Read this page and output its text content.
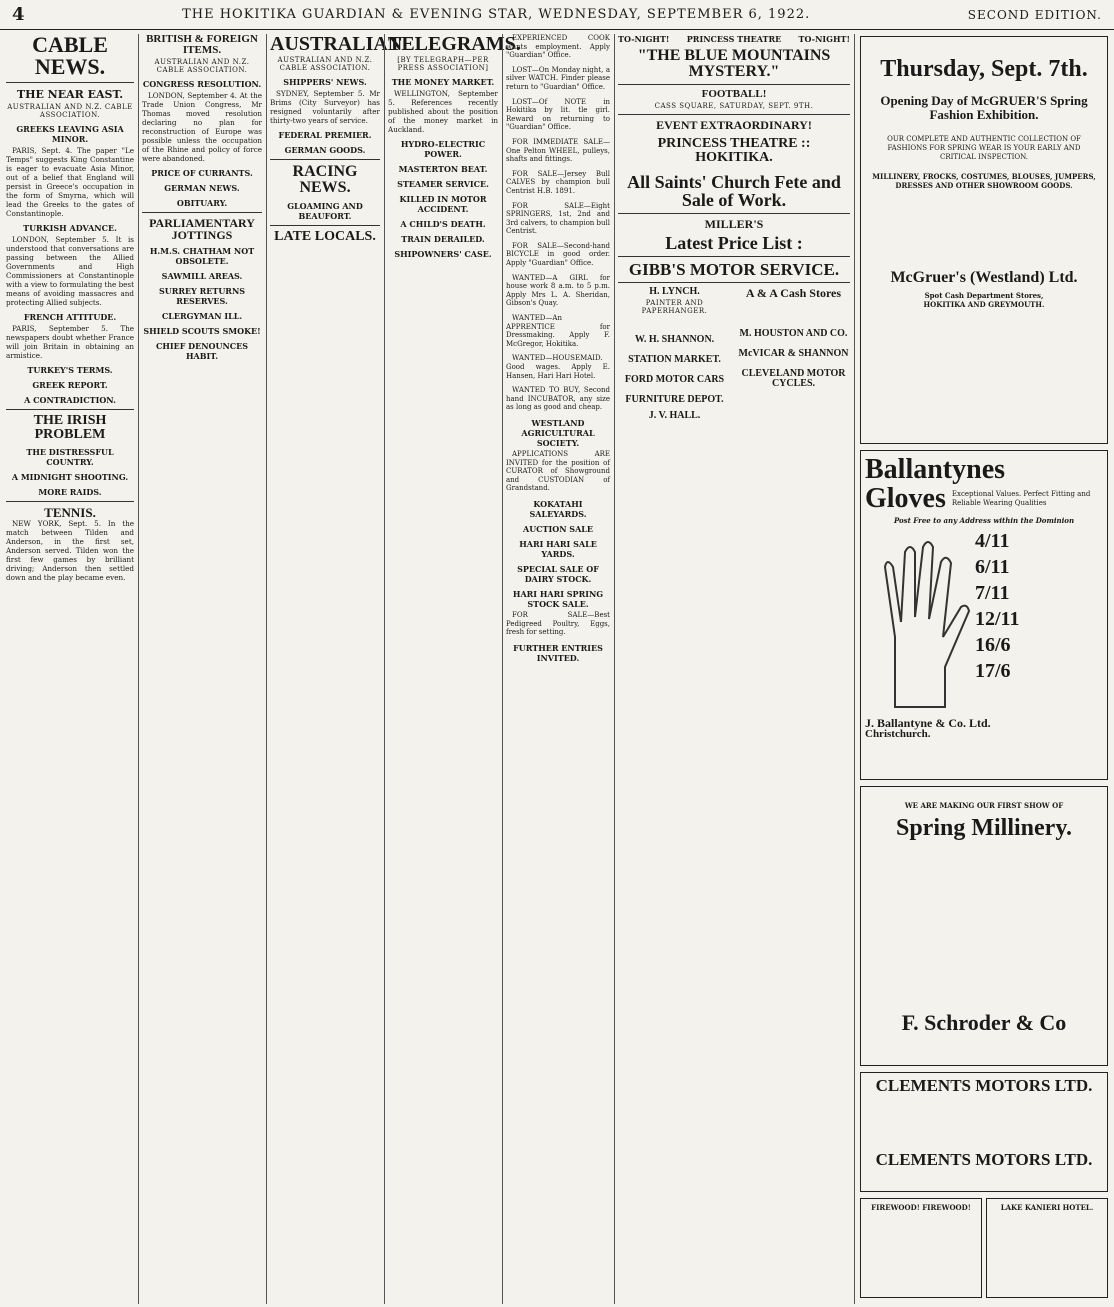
4	THE HOKITIKA GUARDIAN & EVENING STAR, WEDNESDAY, SEPTEMBER 6, 1922.	SECOND EDITION.
CABLE NEWS.
THE NEAR EAST.
AUSTRALIAN AND N.Z. CABLE ASSOCIATION.
GREEKS LEAVING ASIA MINOR.

PARIS, Sept. 4. The paper "Le Temps" suggests King Constantine is eager to evacuate Asia Minor, out of a belief that England will persist in Greece's occupation in the form of Smyrna, which will lead the Greeks to the gates of Constantinople.

TURKISH ADVANCE.

LONDON, September 5. It is understood that conversations are passing between the Allied Governments and High Commissioners at Constantinople with a view to formulating the best means of avoiding massacres and protecting Allied subjects.

FRENCH ATTITUDE.

PARIS, September 5. The newspapers doubt whether France will join Britain in obtaining an armistice.

TURKEY'S TERMS.
GREEK REPORT.
A CONTRADICTION.
THE IRISH PROBLEM
THE DISTRESSFUL COUNTRY.
A MIDNIGHT SHOOTING.
MORE RAIDS.
TENNIS.

NEW YORK, Sept. 5. In the match between Tilden and Anderson, in the first set, Anderson served. Tilden won the first few games by brilliant driving; Anderson then settled down and the play became even.

BRITISH & FOREIGN ITEMS.
AUSTRALIAN AND N.Z. CABLE ASSOCIATION.
CONGRESS RESOLUTION.

LONDON, September 4. At the Trade Union Congress, Mr Thomas moved resolution declaring no plan for reconstruction of Europe was possible unless the occupation of the Rhine and policy of force were abandoned.

PRICE OF CURRANTS.
GERMAN NEWS.
OBITUARY.
PARLIAMENTARY JOTTINGS
H.M.S. CHATHAM NOT OBSOLETE.
SAWMILL AREAS.
SURREY RETURNS RESERVES.
CLERGYMAN ILL.
SHIELD SCOUTS SMOKE!
CHIEF DENOUNCES HABIT.
AUSTRALIAN
AUSTRALIAN AND N.Z. CABLE ASSOCIATION.
SHIPPERS' NEWS.

SYDNEY, September 5. Mr Brims (City Surveyor) has resigned voluntarily after thirty-two years of service.

FEDERAL PREMIER.
GERMAN GOODS.
RACING NEWS.
GLOAMING AND BEAUFORT.
LATE LOCALS.
TELEGRAMS.
[BY TELEGRAPH—PER PRESS ASSOCIATION]
THE MONEY MARKET.

WELLINGTON, September 5. References recently published about the position of the money market in Auckland.

HYDRO-ELECTRIC POWER.
MASTERTON BEAT.
STEAMER SERVICE.
KILLED IN MOTOR ACCIDENT.
A CHILD'S DEATH.
TRAIN DERAILED.
SHIPOWNERS' CASE.

EXPERIENCED COOK wants employment. Apply "Guardian" Office.

LOST—On Monday night, a silver WATCH. Finder please return to "Guardian" Office.

LOST—Of NOTE in Hokitika by lit. tle girl. Reward on returning to "Guardian" Office.

FOR IMMEDIATE SALE—One Pelton WHEEL, pulleys, shafts and fittings.

FOR SALE—Jersey Bull CALVES by champion bull Centrist H.B. 1891.

FOR SALE—Eight SPRINGERS, 1st, 2nd and 3rd calvers, to champion bull Centrist.

FOR SALE—Second-hand BICYCLE in good order. Apply "Guardian" Office.

WANTED—A GIRL for house work 8 a.m. to 5 p.m. Apply Mrs L. A. Sheridan, Gibson's Quay.

WANTED—An APPRENTICE for Dressmaking. Apply F. McGregor, Hokitika.

WANTED—HOUSEMAID. Good wages. Apply E. Hansen, Hari Hari Hotel.

WANTED TO BUY, Second hand INCUBATOR, any size as long as good and cheap.

WESTLAND AGRICULTURAL SOCIETY.

APPLICATIONS ARE INVITED for the position of CURATOR of Showground and CUSTODIAN of Grandstand.

KOKATAHI SALEYARDS.
AUCTION SALE
HARI HARI SALE YARDS.
SPECIAL SALE OF DAIRY STOCK.
HARI HARI SPRING STOCK SALE.

FOR SALE—Best Pedigreed Poultry, Eggs, fresh for setting.

FURTHER ENTRIES INVITED.
TO-NIGHT! PRINCESS THEATRE TO-NIGHT!
"THE BLUE MOUNTAINS MYSTERY."
FOOTBALL!
CASS SQUARE, SATURDAY, SEPT. 9TH.
EVENT EXTRAORDINARY!
PRINCESS THEATRE :: HOKITIKA.
All Saints' Church Fete and
Sale of Work.
MILLER'S
Latest Price List :
GIBB'S MOTOR SERVICE.
H. LYNCH.
PAINTER AND PAPERHANGER.
W. H. SHANNON.
STATION MARKET.
FORD MOTOR CARS
FURNITURE DEPOT.
J. V. HALL.
A & A Cash Stores
M. HOUSTON AND CO.
McVICAR & SHANNON
CLEVELAND MOTOR CYCLES.
Thursday, Sept. 7th.
Opening Day of McGRUER'S Spring Fashion Exhibition.
OUR COMPLETE AND AUTHENTIC COLLECTION OF FASHIONS FOR SPRING WEAR IS YOUR EARLY AND CRITICAL INSPECTION.
MILLINERY, FROCKS, COSTUMES, BLOUSES, JUMPERS, DRESSES AND OTHER SHOWROOM GOODS.
McGruer's (Westland) Ltd.
Spot Cash Department Stores,
HOKITIKA AND GREYMOUTH.
Ballantynes
Gloves Exceptional Values. Perfect Fitting and Reliable Wearing Qualities
Post Free to any Address within the Dominion
4/11
6/11
7/11
12/11
16/6
17/6
J. Ballantyne & Co. Ltd.
Christchurch.
WE ARE MAKING OUR FIRST SHOW OF
Spring Millinery.
F. Schroder & Co
CLEMENTS MOTORS LTD.
CLEMENTS MOTORS LTD.
FIREWOOD! FIREWOOD!	LAKE KANIERI HOTEL.
